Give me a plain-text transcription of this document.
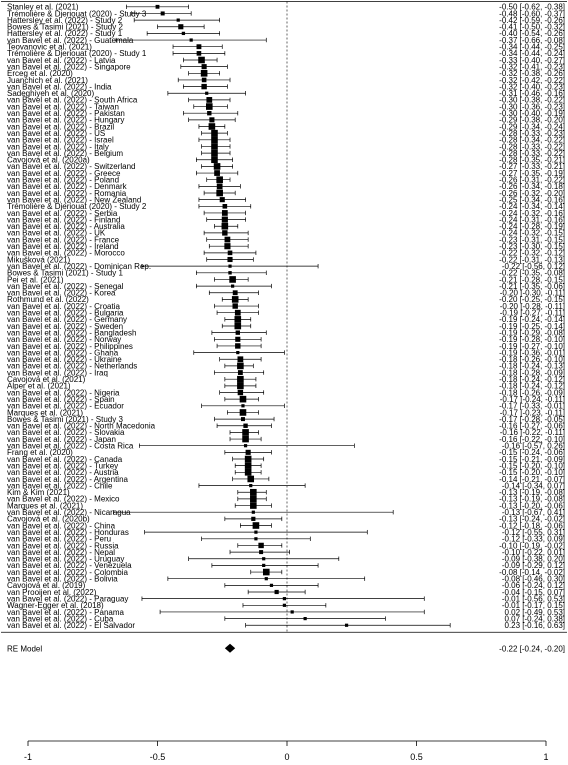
Stanley et al. (2021)	-0.50 [-0.62, -0.38]
Trémolière & Djeriouat (2020) - Study 3	-0.48 [-0.60, -0.37]
Hattersley et al. (2022) - Study 2	-0.42 [-0.59, -0.26]
Bowes & Tasimi (2021) - Study 2	-0.41 [-0.50, -0.32]
Hattersley et al. (2022) - Study 1	-0.40 [-0.54, -0.26]
van Bavel et al. (2022) - Guatemala	-0.37 [-0.66, -0.08]
Teovanovic et al. (2021)	-0.34 [-0.44, -0.25]
Trémolière & Djeriouat (2020) - Study 1	-0.34 [-0.44, -0.24]
van Bavel et al. (2022) - Latvia	-0.33 [-0.40, -0.27]
van Bavel et al. (2022) - Singapore	-0.32 [-0.41, -0.23]
Erceg et al. (2020)	-0.32 [-0.38, -0.26]
Juanchich et al. (2021)	-0.32 [-0.42, -0.22]
van Bavel et al. (2022) - India	-0.32 [-0.40, -0.23]
Sadeghiyeh et al. (2020)	-0.31 [-0.46, -0.16]
van Bavel et al. (2022) - South Africa	-0.30 [-0.38, -0.22]
van Bavel et al. (2022) - Taiwan	-0.30 [-0.36, -0.23]
van Bavel et al. (2022) - Pakistan	-0.30 [-0.40, -0.19]
van Bavel et al. (2022) - Hungary	-0.29 [-0.38, -0.20]
van Bavel et al. (2022) - Brazil	-0.29 [-0.34, -0.24]
van Bavel et al. (2022) - US	-0.28 [-0.33, -0.23]
van Bavel et al. (2022) - Israel	-0.28 [-0.34, -0.22]
van Bavel et al. (2022) - Italy	-0.28 [-0.33, -0.22]
van Bavel et al. (2022) - Belgium	-0.28 [-0.33, -0.22]
Cavojová et al. (2020a)	-0.28 [-0.35, -0.21]
van Bavel et al. (2022) - Switzerland	-0.27 [-0.33, -0.21]
van Bavel et al. (2022) - Greece	-0.27 [-0.35, -0.19]
van Bavel et al. (2022) - Poland	-0.26 [-0.31, -0.22]
van Bavel et al. (2022) - Denmark	-0.26 [-0.34, -0.18]
van Bavel et al. (2022) - Romania	-0.26 [-0.32, -0.20]
van Bavel et al. (2022) - New Zealand	-0.25 [-0.34, -0.16]
Trémolière & Djeriouat (2020) - Study 2	-0.24 [-0.34, -0.14]
van Bavel et al. (2022) - Serbia	-0.24 [-0.32, -0.16]
van Bavel et al. (2022) - Finland	-0.24 [-0.31, -0.16]
van Bavel et al. (2022) - Australia	-0.24 [-0.28, -0.19]
van Bavel et al. (2022) - UK	-0.24 [-0.32, -0.15]
van Bavel et al. (2022) - France	-0.23 [-0.31, -0.15]
van Bavel et al. (2022) - Ireland	-0.23 [-0.30, -0.15]
van Bavel et al. (2022) - Morocco	-0.22 [-0.32, -0.12]
Mikušková (2021)	-0.22 [-0.31, -0.13]
van Bavel et al. (2022) - Dominican Rep.	-0.22 [-0.56, 0.12]
Bowes & Tasimi (2021) - Study 1	-0.22 [-0.35, -0.08]
Pei et al. (2021)	-0.21 [-0.28, -0.15]
van Bavel et al. (2022) - Senegal	-0.21 [-0.35, -0.06]
van Bavel et al. (2022) - Korea	-0.20 [-0.30, -0.11]
Rothmund et al. (2022)	-0.20 [-0.25, -0.15]
van Bavel et al. (2022) - Croatia	-0.20 [-0.28, -0.11]
van Bavel et al. (2022) - Bulgaria	-0.19 [-0.27, -0.11]
van Bavel et al. (2022) - Germany	-0.19 [-0.24, -0.14]
van Bavel et al. (2022) - Sweden	-0.19 [-0.25, -0.14]
van Bavel et al. (2022) - Bangladesh	-0.19 [-0.29, -0.08]
van Bavel et al. (2022) - Norway	-0.19 [-0.28, -0.10]
van Bavel et al. (2022) - Philippines	-0.19 [-0.27, -0.10]
van Bavel et al. (2022) - Ghana	-0.19 [-0.36, -0.01]
van Bavel et al. (2022) - Ukraine	-0.18 [-0.26, -0.10]
van Bavel et al. (2022) - Netherlands	-0.18 [-0.24, -0.13]
van Bavel et al. (2022) - Iraq	-0.18 [-0.28, -0.09]
Cavojová et al. (2021)	-0.18 [-0.24, -0.12]
Alper et al. (2021)	-0.18 [-0.24, -0.12]
van Bavel et al. (2022) - Nigeria	-0.18 [-0.26, -0.09]
van Bavel et al. (2022) - Spain	-0.17 [-0.24, -0.11]
van Bavel et al. (2022) - Ecuador	-0.17 [-0.33, -0.01]
Marques et al. (2021)	-0.17 [-0.23, -0.11]
Bowes & Tasimi (2021) - Study 3	-0.17 [-0.28, -0.05]
van Bavel et al. (2022) - North Macedonia	-0.16 [-0.27, -0.06]
van Bavel et al. (2022) - Slovakia	-0.16 [-0.22, -0.11]
van Bavel et al. (2022) - Japan	-0.16 [-0.22, -0.10]
van Bavel et al. (2022) - Costa Rica	-0.16 [-0.57, 0.26]
Frang et al. (2020)	-0.15 [-0.24, -0.06]
van Bavel et al. (2022) - Canada	-0.15 [-0.21, -0.09]
van Bavel et al. (2022) - Turkey	-0.15 [-0.20, -0.10]
van Bavel et al. (2022) - Austria	-0.15 [-0.20, -0.10]
van Bavel et al. (2022) - Argentina	-0.14 [-0.21, -0.07]
van Bavel et al. (2022) - Chile	-0.14 [-0.34, 0.07]
Kim & Kim (2021)	-0.13 [-0.19, -0.08]
van Bavel et al. (2022) - Mexico	-0.13 [-0.19, -0.08]
Marques et al. (2021)	-0.13 [-0.20, -0.06]
van Bavel et al. (2022) - Nicaragua	-0.13 [-0.67, 0.41]
Cavojová et al. (2020b)	-0.13 [-0.24, -0.02]
van Bavel et al. (2022) - China	-0.12 [-0.18, -0.06]
van Bavel et al. (2022) - Honduras	-0.12 [-0.55, 0.31]
van Bavel et al. (2022) - Peru	-0.12 [-0.33, 0.09]
van Bavel et al. (2022) - Russia	-0.10 [-0.19, -0.02]
van Bavel et al. (2022) - Nepal	-0.10 [-0.22, 0.01]
van Bavel et al. (2022) - Uruguay	-0.09 [-0.38, 0.20]
van Bavel et al. (2022) - Venezuela	-0.09 [-0.29, 0.12]
van Bavel et al. (2022) - Colombia	-0.08 [-0.14, -0.02]
van Bavel et al. (2022) - Bolivia	-0.08 [-0.46, 0.30]
Cavojová et al. (2019)	-0.06 [-0.24, 0.12]
van Prooijen et al. (2022)	-0.04 [-0.15, 0.07]
van Bavel et al. (2022) - Paraguay	-0.01 [-0.56, 0.53]
Wagner-Egger et al. (2018)	-0.01 [-0.17, 0.15]
van Bavel et al. (2022) - Panama	0.02 [-0.49, 0.53]
van Bavel et al. (2022) - Cuba	0.07 [-0.24, 0.38]
van Bavel et al. (2022) - El Salvador	0.23 [-0.16, 0.63]
RE Model	-0.22 [-0.24, -0.20]
-1	-0.5	0	0.5	1
